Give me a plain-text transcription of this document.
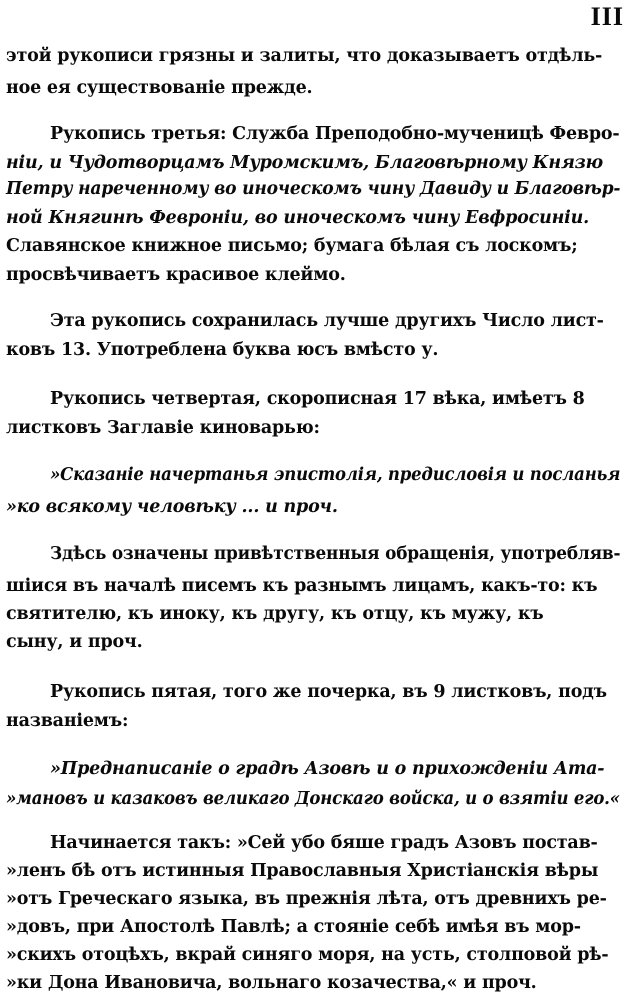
III
этой рукописи грязны и залиты, что доказываетъ отдѣль-
ное ея существованіе прежде.
Рукопись третья: Служба Преподобно-мученицѣ Февро-
ніи, и Чудотворцамъ Муромскимъ, Благовѣрному Князю
Петру нареченному во иноческомъ чину Давиду и Благовѣр-
ной Княгинѣ Февроніи, во иноческомъ чину Евфросиніи.
Славянское книжное письмо; бумага бѣлая съ лоскомъ;
просвѣчиваетъ красивое клеймо.
Эта рукопись сохранилась лучше другихъ Число лист-
ковъ 13. Употреблена буква юсъ вмѣсто у.
Рукопись четвертая, скорописная 17 вѣка, имѣетъ 8
листковъ Заглавіе киноварью:
»Сказаніе начертанья эпистолія, предисловія и посланья
»ко всякому человѣку ... и проч.
Здѣсь означены привѣтственныя обращенія, употребляв-
шіися въ началѣ писемъ къ разнымъ лицамъ, какъ-то: къ
святителю, къ иноку, къ другу, къ отцу, къ мужу, къ
сыну, и проч.
Рукопись пятая, того же почерка, въ 9 листковъ, подъ
названіемъ:
»Преднаписаніе о градѣ Азовѣ и о прихожденіи Ата-
»мановъ и казаковъ великаго Донскаго войска, и о взятіи его.«
Начинается такъ: »Сей убо бяше градъ Азовъ постав-
»ленъ бѣ отъ истинныя Православныя Христіанскія вѣры
»отъ Греческаго языка, въ прежнія лѣта, отъ древнихъ ре-
»довъ, при Апостолѣ Павлѣ; а стояніе себѣ имѣя въ мор-
»скихъ отоцѣхъ, вкрай синяго моря, на усть, столповой рѣ-
»ки Дона Ивановича, вольнаго козачества,« и проч.
